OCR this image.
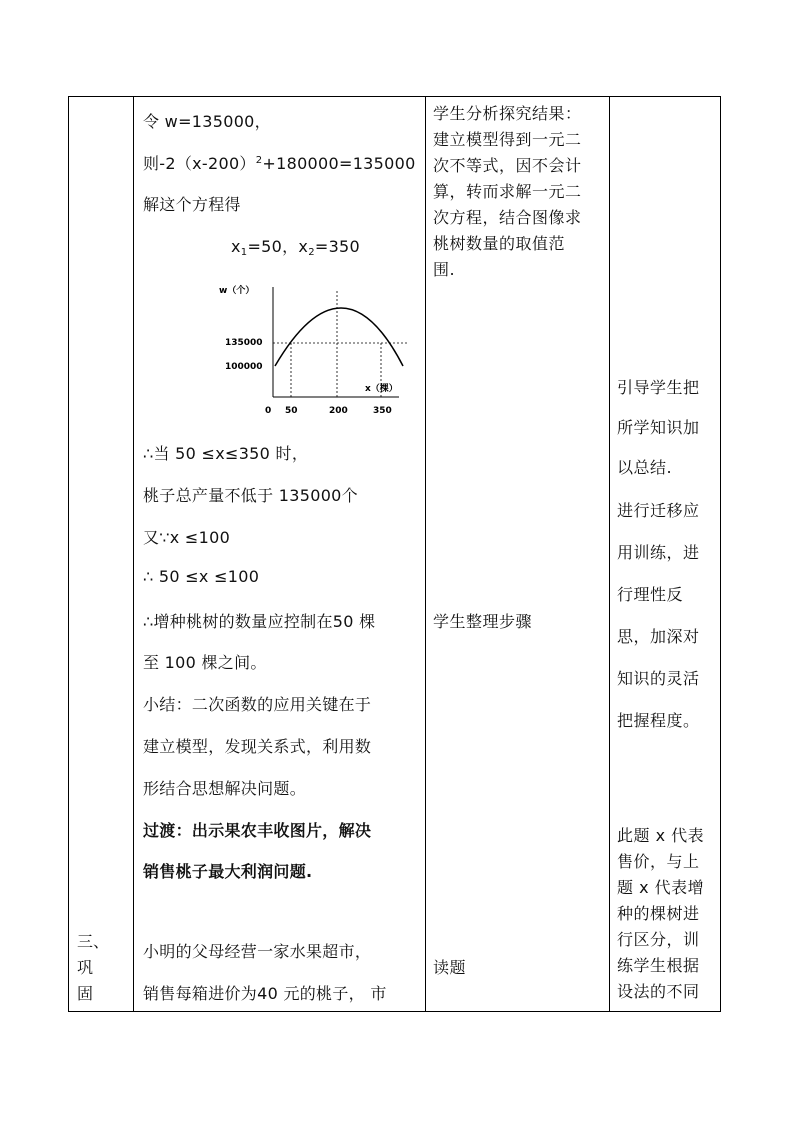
三、
巩
固
令 w=135000，
则$-2(x-200)^2+180000=135000$
解这个方程得
$x_1=50$，$x_2=350$
w（个）
135000
100000
0 50	200	350
x（棵）
∴当 50 ≤x≤350 时，
桃子总产量不低于 135000个
又∵x ≤100
∴ 50 ≤x ≤100
∴增种桃树的数量应控制在50 棵
至 100 棵之间。
小结：二次函数的应用关键在于
建立模型，发现关系式，利用数
形结合思想解决问题。
过渡：出示果农丰收图片，解决
销售桃子最大利润问题.
小明的父母经营一家水果超市，
销售每箱进价为40 元的桃子， 市
学生分析探究结果：
建立模型得到一元二
次不等式，因不会计
算，转而求解一元二
次方程，结合图像求
桃树数量的取值范
围.
学生整理步骤
读题
引导学生把
所学知识加
以总结.
进行迁移应
用训练，进
行理性反
思，加深对
知识的灵活
把握程度。
此题 x 代表
售价，与上
题 x 代表增
种的棵树进
行区分，训
练学生根据
设法的不同
